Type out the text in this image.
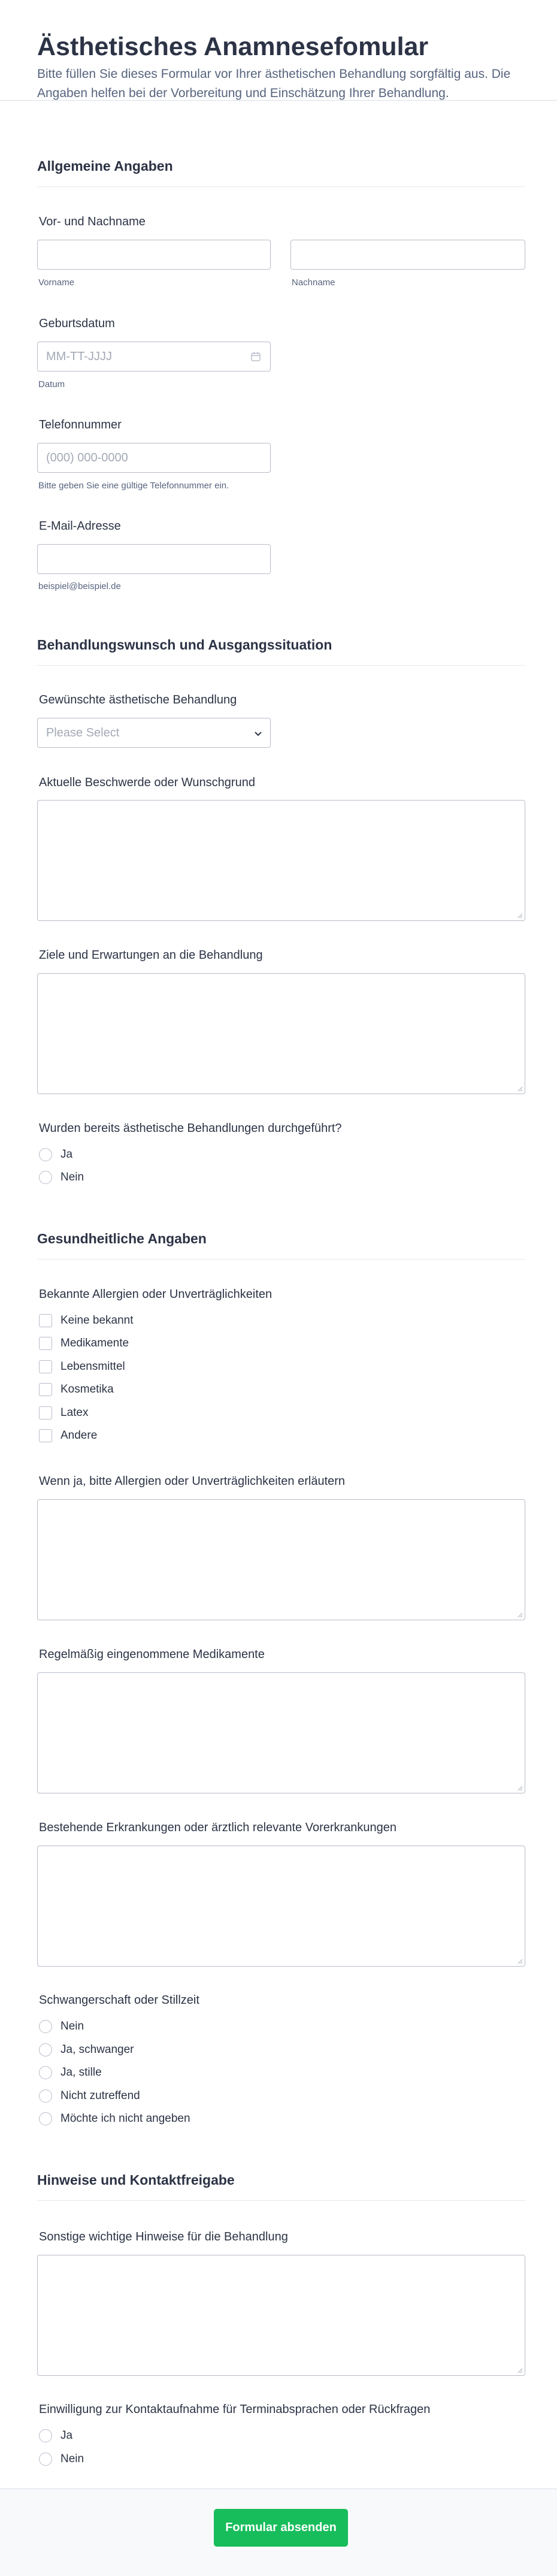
Ästhetisches Anamnesefomular
Bitte füllen Sie dieses Formular vor Ihrer ästhetischen Behandlung sorgfältig aus. Die Angaben helfen bei der Vorbereitung und Einschätzung Ihrer Behandlung.
Allgemeine Angaben
Vor- und Nachname
Vorname	Nachname
Geburtsdatum
MM-TT-JJJJ
Datum
Telefonnummer
(000) 000-0000
Bitte geben Sie eine gültige Telefonnummer ein.
E-Mail-Adresse
beispiel@beispiel.de
Behandlungswunsch und Ausgangssituation
Gewünschte ästhetische Behandlung
Please Select
Aktuelle Beschwerde oder Wunschgrund
Ziele und Erwartungen an die Behandlung
Wurden bereits ästhetische Behandlungen durchgeführt?
Ja
Nein
Gesundheitliche Angaben
Bekannte Allergien oder Unverträglichkeiten
Keine bekannt
Medikamente
Lebensmittel
Kosmetika
Latex
Andere
Wenn ja, bitte Allergien oder Unverträglichkeiten erläutern
Regelmäßig eingenommene Medikamente
Bestehende Erkrankungen oder ärztlich relevante Vorerkrankungen
Schwangerschaft oder Stillzeit
Nein
Ja, schwanger
Ja, stille
Nicht zutreffend
Möchte ich nicht angeben
Hinweise und Kontaktfreigabe
Sonstige wichtige Hinweise für die Behandlung
Einwilligung zur Kontaktaufnahme für Terminabsprachen oder Rückfragen
Ja
Nein
Formular absenden
